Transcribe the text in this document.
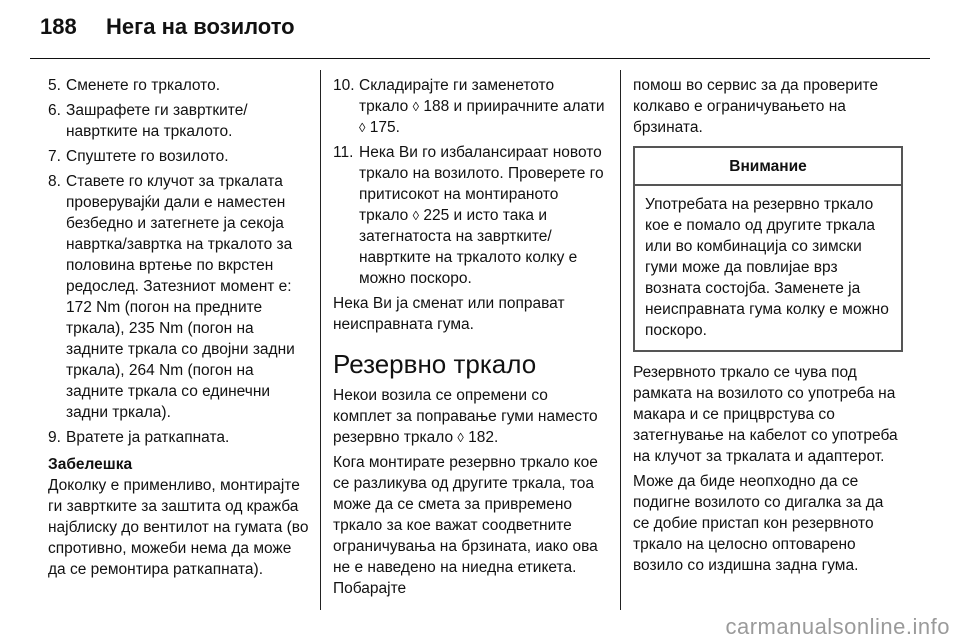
188 Нега на возилото
5. Сменете го тркалото.
6. Зашрафете ги завртките/навртките на тркалото.
7. Спуштете го возилото.
8. Ставете го клучот за тркалата проверувајќи дали е наместен безбедно и затегнете ја секоја навртка/завртка на тркалото за половина вртење по вкрстен редослед. Затезниот момент е: 172 Nm (погон на предните тркала), 235 Nm (погон на задните тркала со двојни задни тркала), 264 Nm (погон на задните тркала со единечни задни тркала).
9. Вратете ја раткапната.
Забелешка
Доколку е применливо, монтирајте ги завртките за заштита од кражба најблиску до вентилот на гумата (во спротивно, можеби нема да може да се ремонтира раткапната).
10. Складирајте ги заменетото тркало ◊ 188 и приирачните алати ◊ 175.
11. Нека Ви го избалансираат новото тркало на возилото. Проверете го притисокот на монтираното тркало ◊ 225 и исто така и затегнатоста на завртките/навртките на тркалото колку е можно поскоро.
Нека Ви ја сменат или поправат неисправната гума.
Резервно тркало
Некои возила се опремени со комплет за поправање гуми наместо резервно тркало ◊ 182.
Кога монтирате резервно тркало кое се разликува од другите тркала, тоа може да се смета за привремено тркало за кое важат соодветните ограничувања на брзината, иако ова не е наведено на ниедна етикета. Побарајте
помош во сервис за да проверите колкаво е ограничувањето на брзината.
Внимание
Употребата на резервно тркало кое е помало од другите тркала или во комбинација со зимски гуми може да повлијае врз возната состојба. Заменете ја неисправната гума колку е можно поскоро.
Резервното тркало се чува под рамката на возилото со употреба на макара и се прицврстува со затегнување на кабелот со употреба на клучот за тркалата и адаптерот.
Може да биде неопходно да се подигне возилото со дигалка за да се добие пристап кон резервното тркало на целосно оптоварено возило со издишна задна гума.
carmanualsonline.info
